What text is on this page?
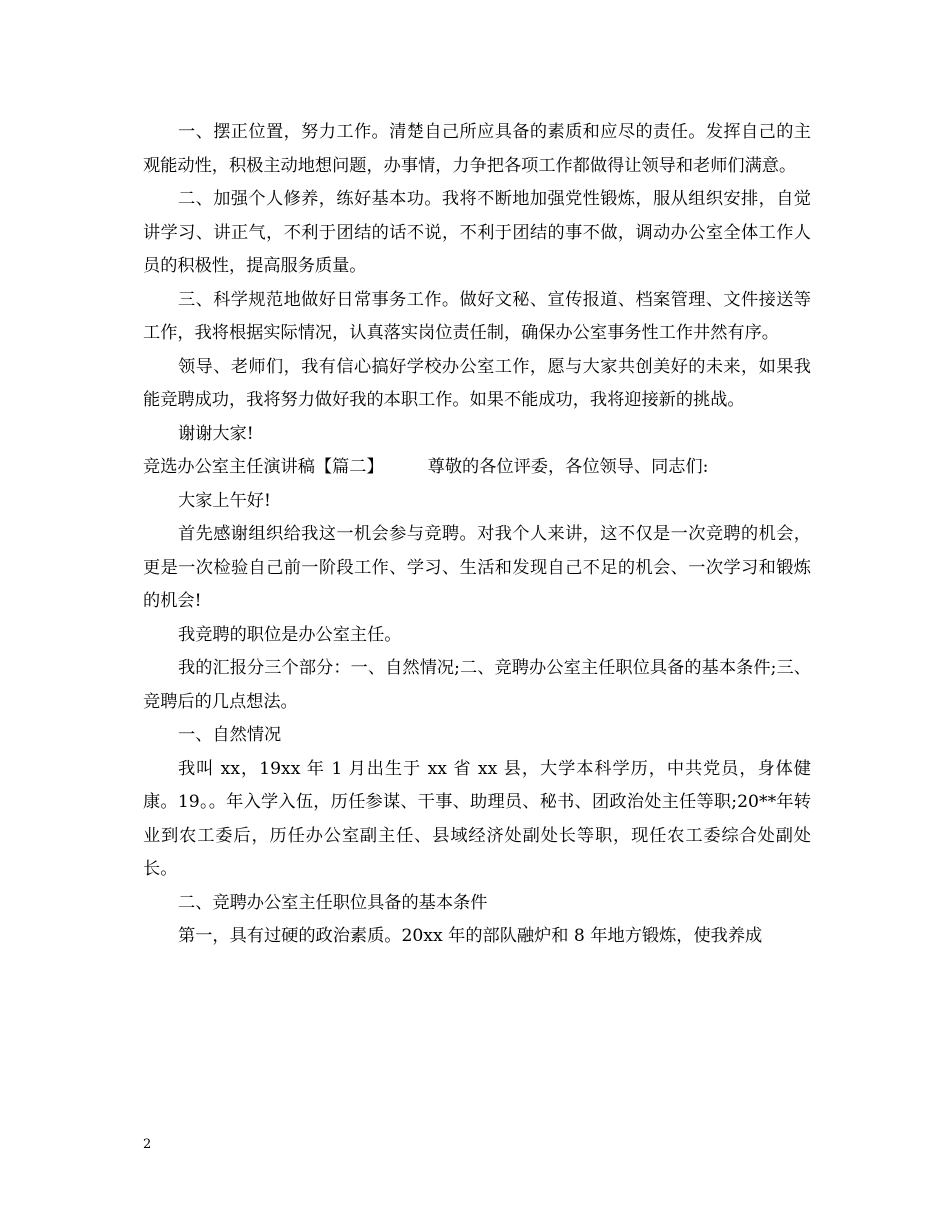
一、摆正位置，努力工作。清楚自己所应具备的素质和应尽的责任。发挥自己的主观能动性，积极主动地想问题，办事情，力争把各项工作都做得让领导和老师们满意。

二、加强个人修养，练好基本功。我将不断地加强党性锻炼，服从组织安排，自觉讲学习、讲正气，不利于团结的话不说，不利于团结的事不做，调动办公室全体工作人员的积极性，提高服务质量。

三、科学规范地做好日常事务工作。做好文秘、宣传报道、档案管理、文件接送等工作，我将根据实际情况，认真落实岗位责任制，确保办公室事务性工作井然有序。

领导、老师们，我有信心搞好学校办公室工作，愿与大家共创美好的未来，如果我能竞聘成功，我将努力做好我的本职工作。如果不能成功，我将迎接新的挑战。

谢谢大家!

竞选办公室主任演讲稿【篇二】	尊敬的各位评委，各位领导、同志们:

大家上午好!

首先感谢组织给我这一机会参与竞聘。对我个人来讲，这不仅是一次竞聘的机会，更是一次检验自己前一阶段工作、学习、生活和发现自己不足的机会、一次学习和锻炼的机会!

我竞聘的职位是办公室主任。

我的汇报分三个部分：一、自然情况;二、竞聘办公室主任职位具备的基本条件;三、竞聘后的几点想法。

一、自然情况

我叫 xx，19xx 年 1 月出生于 xx 省 xx 县，大学本科学历，中共党员，身体健康。19。。年入学入伍，历任参谋、干事、助理员、秘书、团政治处主任等职;20**年转业到农工委后，历任办公室副主任、县域经济处副处长等职，现任农工委综合处副处长。

二、竞聘办公室主任职位具备的基本条件

第一，具有过硬的政治素质。20xx 年的部队融炉和 8 年地方锻炼，使我养成

2
